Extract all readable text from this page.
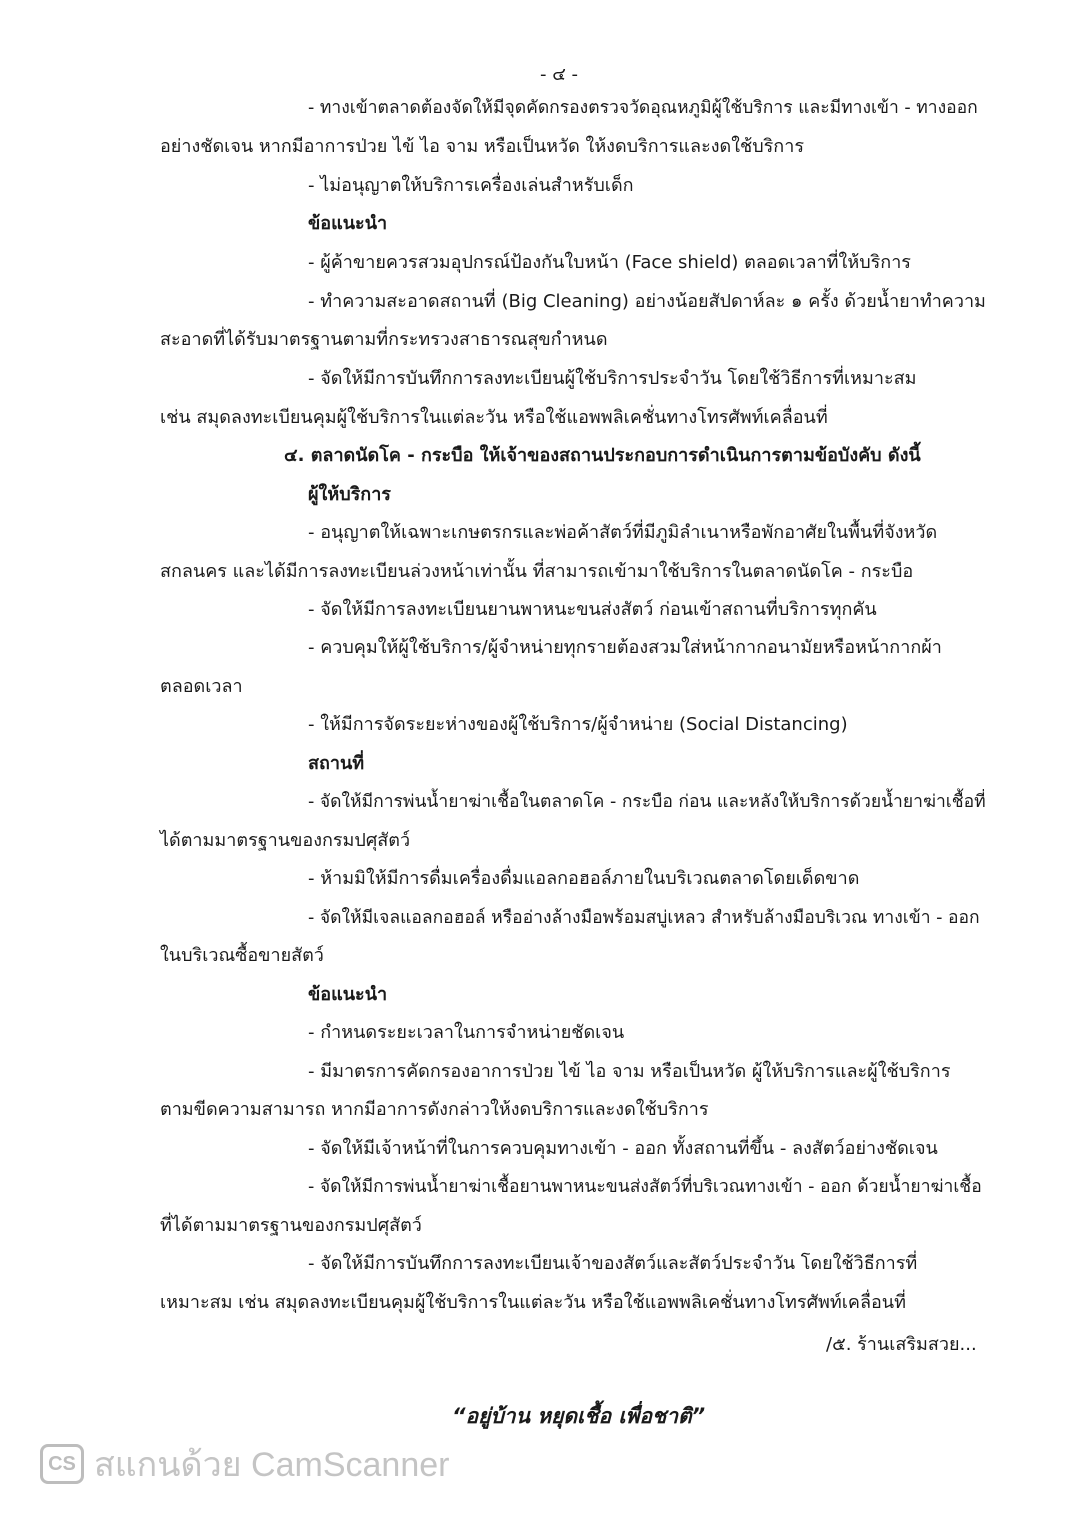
- ๔ -
- ทางเข้าตลาดต้องจัดให้มีจุดคัดกรองตรวจวัดอุณหภูมิผู้ใช้บริการ และมีทางเข้า - ทางออก
อย่างชัดเจน หากมีอาการป่วย ไข้ ไอ จาม หรือเป็นหวัด ให้งดบริการและงดใช้บริการ
- ไม่อนุญาตให้บริการเครื่องเล่นสำหรับเด็ก
ข้อแนะนำ
- ผู้ค้าขายควรสวมอุปกรณ์ป้องกันใบหน้า (Face shield) ตลอดเวลาที่ให้บริการ
- ทำความสะอาดสถานที่ (Big Cleaning) อย่างน้อยสัปดาห์ละ ๑ ครั้ง ด้วยน้ำยาทำความ
สะอาดที่ได้รับมาตรฐานตามที่กระทรวงสาธารณสุขกำหนด
- จัดให้มีการบันทึกการลงทะเบียนผู้ใช้บริการประจำวัน โดยใช้วิธีการที่เหมาะสม
เช่น สมุดลงทะเบียนคุมผู้ใช้บริการในแต่ละวัน หรือใช้แอพพลิเคชั่นทางโทรศัพท์เคลื่อนที่
๔. ตลาดนัดโค - กระบือ ให้เจ้าของสถานประกอบการดำเนินการตามข้อบังคับ ดังนี้
ผู้ให้บริการ
- อนุญาตให้เฉพาะเกษตรกรและพ่อค้าสัตว์ที่มีภูมิลำเนาหรือพักอาศัยในพื้นที่จังหวัด
สกลนคร และได้มีการลงทะเบียนล่วงหน้าเท่านั้น ที่สามารถเข้ามาใช้บริการในตลาดนัดโค - กระบือ
- จัดให้มีการลงทะเบียนยานพาหนะขนส่งสัตว์ ก่อนเข้าสถานที่บริการทุกคัน
- ควบคุมให้ผู้ใช้บริการ/ผู้จำหน่ายทุกรายต้องสวมใส่หน้ากากอนามัยหรือหน้ากากผ้า
ตลอดเวลา
- ให้มีการจัดระยะห่างของผู้ใช้บริการ/ผู้จำหน่าย (Social Distancing)
สถานที่
- จัดให้มีการพ่นน้ำยาฆ่าเชื้อในตลาดโค - กระบือ ก่อน และหลังให้บริการด้วยน้ำยาฆ่าเชื้อที่
ได้ตามมาตรฐานของกรมปศุสัตว์
- ห้ามมิให้มีการดื่มเครื่องดื่มแอลกอฮอล์ภายในบริเวณตลาดโดยเด็ดขาด
- จัดให้มีเจลแอลกอฮอล์ หรืออ่างล้างมือพร้อมสบู่เหลว สำหรับล้างมือบริเวณ ทางเข้า - ออก
ในบริเวณซื้อขายสัตว์
ข้อแนะนำ
- กำหนดระยะเวลาในการจำหน่ายชัดเจน
- มีมาตรการคัดกรองอาการป่วย ไข้ ไอ จาม หรือเป็นหวัด ผู้ให้บริการและผู้ใช้บริการ
ตามขีดความสามารถ หากมีอาการดังกล่าวให้งดบริการและงดใช้บริการ
- จัดให้มีเจ้าหน้าที่ในการควบคุมทางเข้า - ออก ทั้งสถานที่ขึ้น - ลงสัตว์อย่างชัดเจน
- จัดให้มีการพ่นน้ำยาฆ่าเชื้อยานพาหนะขนส่งสัตว์ที่บริเวณทางเข้า - ออก ด้วยน้ำยาฆ่าเชื้อ
ที่ได้ตามมาตรฐานของกรมปศุสัตว์
- จัดให้มีการบันทึกการลงทะเบียนเจ้าของสัตว์และสัตว์ประจำวัน โดยใช้วิธีการที่
เหมาะสม เช่น สมุดลงทะเบียนคุมผู้ใช้บริการในแต่ละวัน หรือใช้แอพพลิเคชั่นทางโทรศัพท์เคลื่อนที่
/๕. ร้านเสริมสวย...
“อยู่บ้าน หยุดเชื้อ เพื่อชาติ”
CS สแกนด้วย CamScanner
